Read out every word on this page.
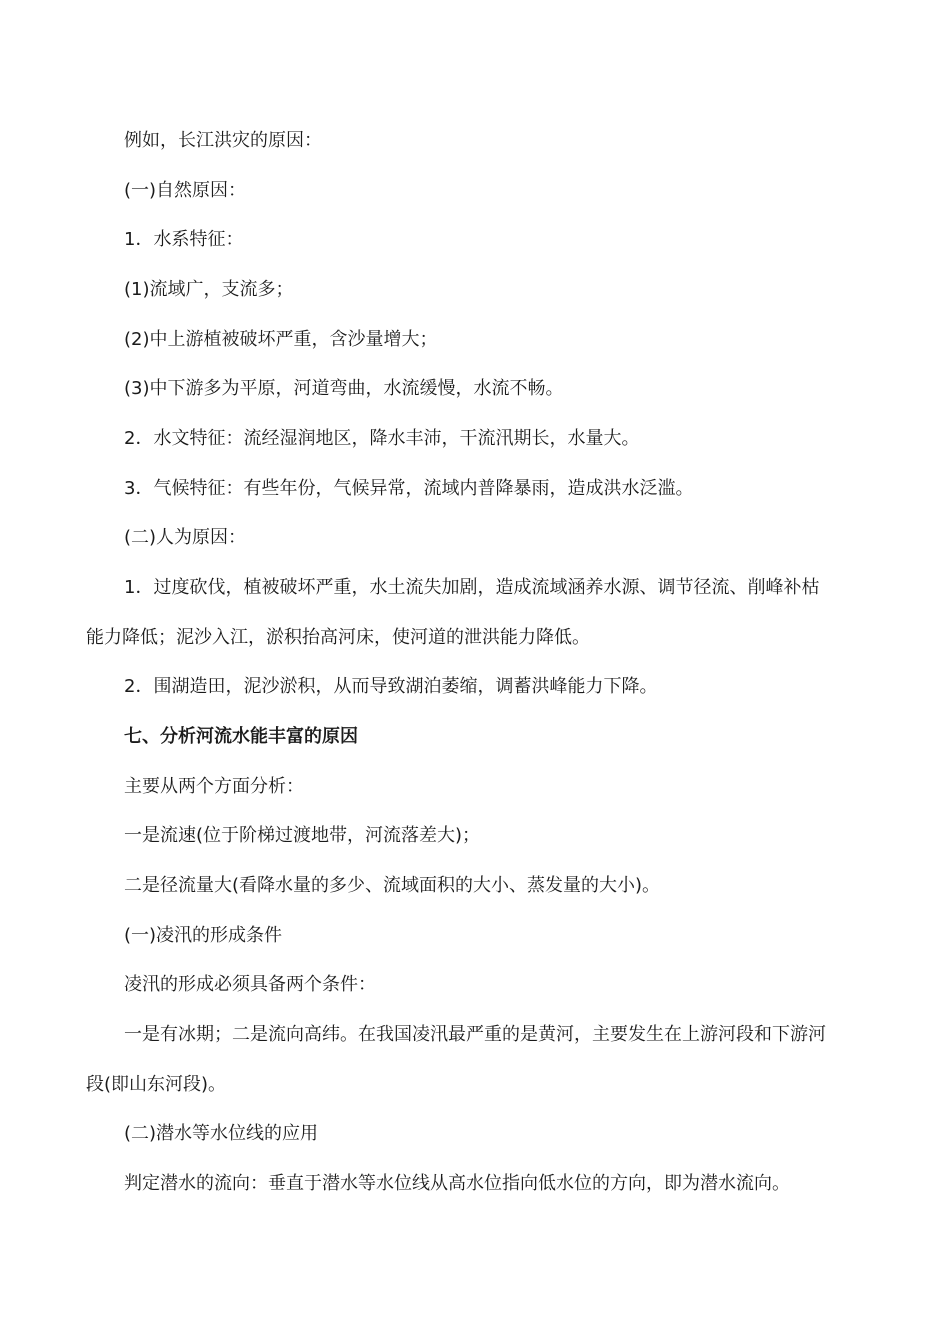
例如，长江洪灾的原因：
(一)自然原因：
1．水系特征：
(1)流域广，支流多；
(2)中上游植被破坏严重，含沙量增大；
(3)中下游多为平原，河道弯曲，水流缓慢，水流不畅。
2．水文特征：流经湿润地区，降水丰沛，干流汛期长，水量大。
3．气候特征：有些年份，气候异常，流域内普降暴雨，造成洪水泛滥。
(二)人为原因：
1．过度砍伐，植被破坏严重，水土流失加剧，造成流域涵养水源、调节径流、削峰补枯
能力降低；泥沙入江，淤积抬高河床，使河道的泄洪能力降低。
2．围湖造田，泥沙淤积，从而导致湖泊萎缩，调蓄洪峰能力下降。
七、分析河流水能丰富的原因
主要从两个方面分析：
一是流速(位于阶梯过渡地带，河流落差大)；
二是径流量大(看降水量的多少、流域面积的大小、蒸发量的大小)。
(一)凌汛的形成条件
凌汛的形成必须具备两个条件：
一是有冰期；二是流向高纬。在我国凌汛最严重的是黄河，主要发生在上游河段和下游河
段(即山东河段)。
(二)潜水等水位线的应用
判定潜水的流向：垂直于潜水等水位线从高水位指向低水位的方向，即为潜水流向。
